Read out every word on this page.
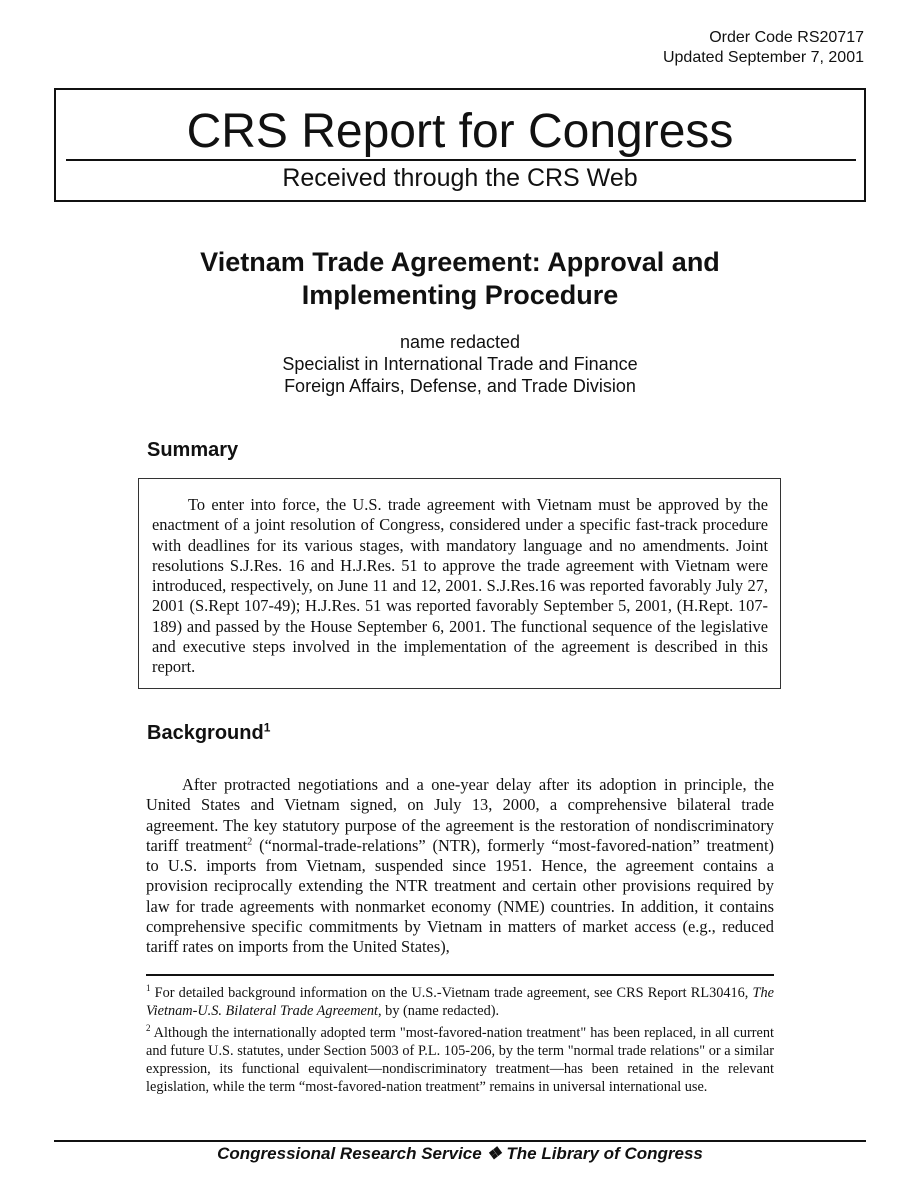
Order Code RS20717
Updated September 7, 2001
CRS Report for Congress
Received through the CRS Web
Vietnam Trade Agreement: Approval and
Implementing Procedure
name redacted
Specialist in International Trade and Finance
Foreign Affairs, Defense, and Trade Division
Summary

To enter into force, the U.S. trade agreement with Vietnam must be approved by the enactment of a joint resolution of Congress, considered under a specific fast-track procedure with deadlines for its various stages, with mandatory language and no amendments. Joint resolutions S.J.Res. 16 and H.J.Res. 51 to approve the trade agreement with Vietnam were introduced, respectively, on June 11 and 12, 2001. S.J.Res.16 was reported favorably July 27, 2001 (S.Rept 107-49); H.J.Res. 51 was reported favorably September 5, 2001, (H.Rept. 107-189) and passed by the House September 6, 2001. The functional sequence of the legislative and executive steps involved in the implementation of the agreement is described in this report.

Background$^1$

After protracted negotiations and a one-year delay after its adoption in principle, the United States and Vietnam signed, on July 13, 2000, a comprehensive bilateral trade agreement. The key statutory purpose of the agreement is the restoration of nondiscriminatory tariff treatment$^2$ (“normal-trade-relations” (NTR), formerly “most-favored-nation” treatment) to U.S. imports from Vietnam, suspended since 1951. Hence, the agreement contains a provision reciprocally extending the NTR treatment and certain other provisions required by law for trade agreements with nonmarket economy (NME) countries. In addition, it contains comprehensive specific commitments by Vietnam in matters of market access (e.g., reduced tariff rates on imports from the United States),

$^1$ For detailed background information on the U.S.-Vietnam trade agreement, see CRS Report RL30416, The Vietnam-U.S. Bilateral Trade Agreement, by (name redacted).

$^2$ Although the internationally adopted term "most-favored-nation treatment" has been replaced, in all current and future U.S. statutes, under Section 5003 of P.L. 105-206, by the term "normal trade relations" or a similar expression, its functional equivalent—nondiscriminatory treatment—has been retained in the relevant legislation, while the term “most-favored-nation treatment” remains in universal international use.

Congressional Research Service ❖ The Library of Congress
